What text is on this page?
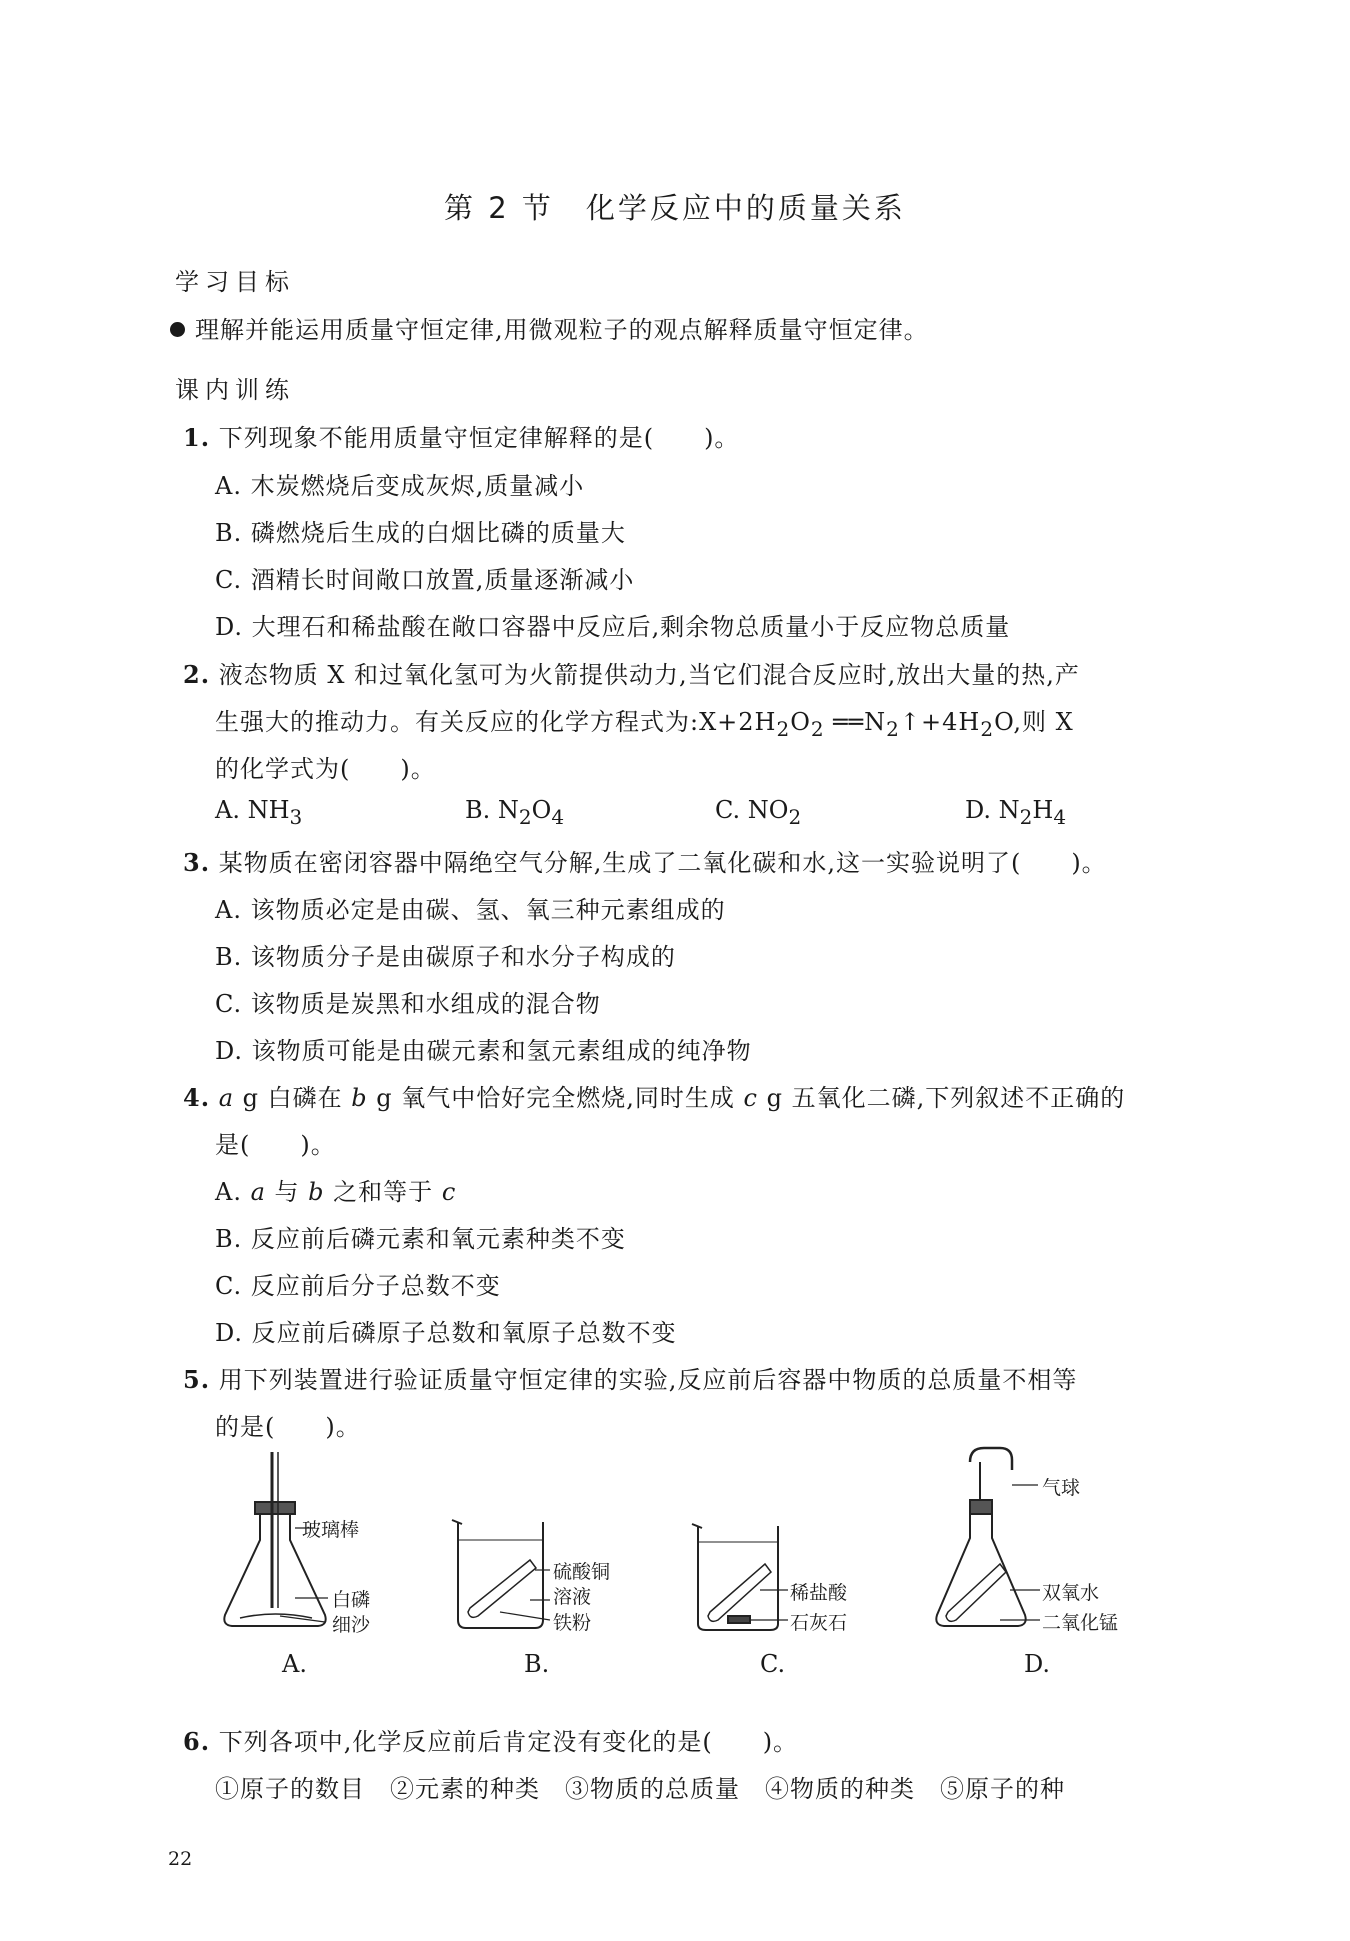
第 2 节　化学反应中的质量关系
学习目标
理解并能运用质量守恒定律,用微观粒子的观点解释质量守恒定律。
课内训练
1. 下列现象不能用质量守恒定律解释的是(　　)。
A. 木炭燃烧后变成灰烬,质量减小
B. 磷燃烧后生成的白烟比磷的质量大
C. 酒精长时间敞口放置,质量逐渐减小
D. 大理石和稀盐酸在敞口容器中反应后,剩余物总质量小于反应物总质量
2. 液态物质 X 和过氧化氢可为火箭提供动力,当它们混合反应时,放出大量的热,产
生强大的推动力。有关反应的化学方程式为$:X+2H_2O_2$ $══N_2↑+4H_2O$,则 X
的化学式为(　　)。
A. $NH_3$	B. $N_2O_4$	C. $NO_2$	D. $N_2H_4$
3. 某物质在密闭容器中隔绝空气分解,生成了二氧化碳和水,这一实验说明了(　　)。
A. 该物质必定是由碳、氢、氧三种元素组成的
B. 该物质分子是由碳原子和水分子构成的
C. 该物质是炭黑和水组成的混合物
D. 该物质可能是由碳元素和氢元素组成的纯净物
4. a g 白磷在 b g 氧气中恰好完全燃烧,同时生成 c g 五氧化二磷,下列叙述不正确的
是(　　)。
A. a 与 b 之和等于 c
B. 反应前后磷元素和氧元素种类不变
C. 反应前后分子总数不变
D. 反应前后磷原子总数和氧原子总数不变
5. 用下列装置进行验证质量守恒定律的实验,反应前后容器中物质的总质量不相等
的是(　　)。
玻璃棒
白磷
细沙
硫酸铜
溶液
铁粉
稀盐酸
石灰石
气球
双氧水
二氧化锰
A.	B.	C.	D.
6. 下列各项中,化学反应前后肯定没有变化的是(　　)。
①原子的数目　②元素的种类　③物质的总质量　④物质的种类　⑤原子的种
22
